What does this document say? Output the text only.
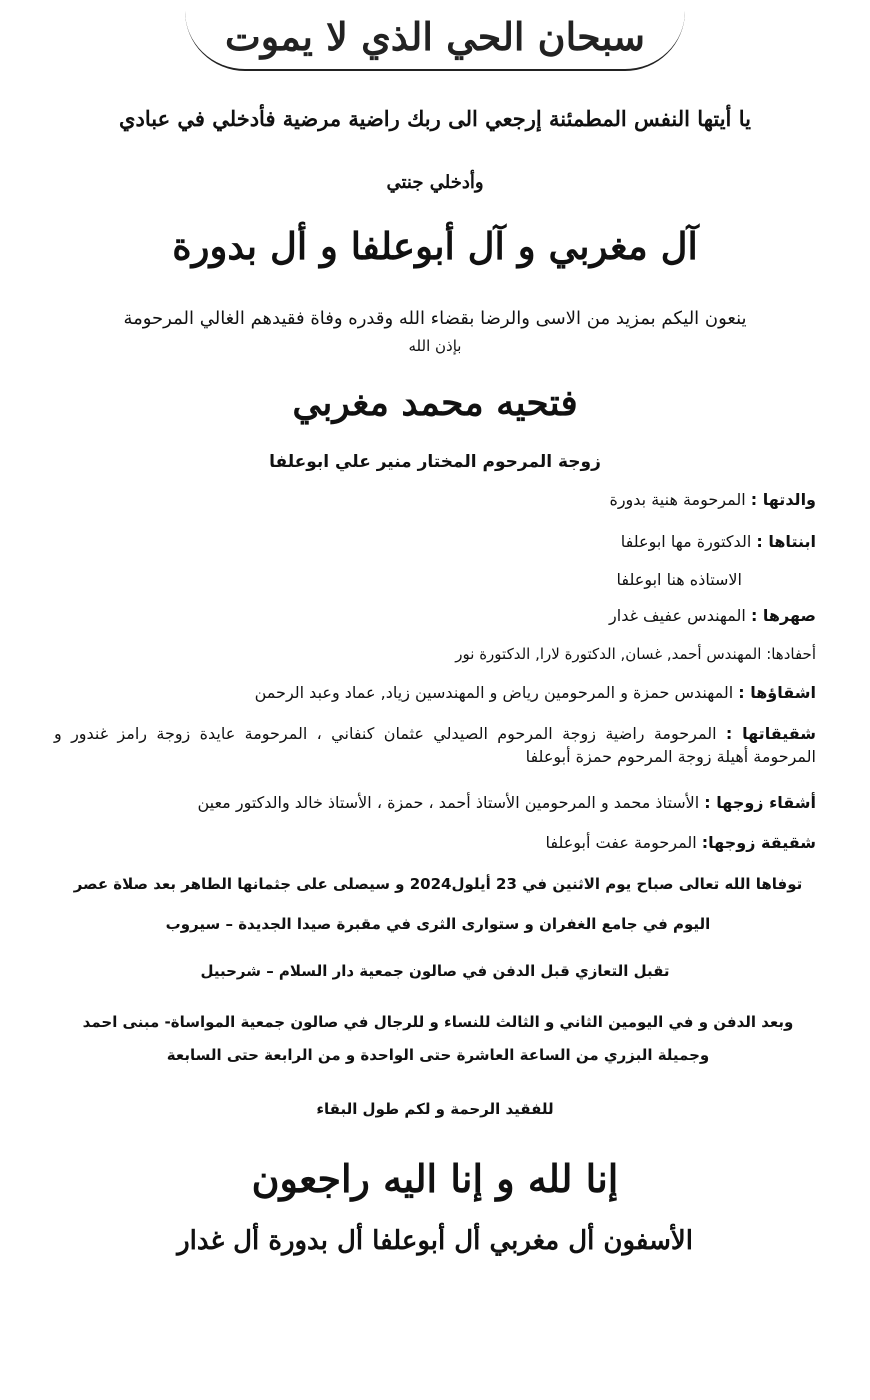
سبحان الحي الذي لا يموت
يا أيتها النفس المطمئنة إرجعي الى ربك راضية مرضية فأدخلي في عبادي
وأدخلي جنتي
آل مغربي و آل أبوعلفا و أل بدورة
ينعون اليكم بمزيد من الاسى والرضا بقضاء الله وقدره وفاة فقيدهم الغالي المرحومة
بإذن الله
فتحيه محمد مغربي
زوجة المرحوم المختار منير علي ابوعلفا
والدتها : المرحومة هنية بدورة
ابنتاها : الدكتورة مها ابوعلفا
الاستاذه هنا ابوعلفا
صهرها : المهندس عفيف غدار
أحفادها: المهندس أحمد, غسان, الدكتورة لارا, الدكتورة نور
اشقاؤها : المهندس حمزة و المرحومين رياض و المهندسين زياد, عماد وعبد الرحمن
شقيقاتها : المرحومة راضية زوجة المرحوم الصيدلي عثمان كنفاني ، المرحومة عايدة زوجة رامز غندور و المرحومة أهيلة زوجة المرحوم حمزة أبوعلفا
أشقاء زوجها : الأستاذ محمد و المرحومين الأستاذ أحمد ، حمزة ، الأستاذ خالد والدكتور معين
شقيقة زوجها: المرحومة عفت أبوعلفا
توفاها الله تعالى صباح يوم الاثنين في 23 أيلول2024 و سيصلى على جثمانها الطاهر بعد صلاة عصر اليوم في جامع الغفران و ستوارى الثرى في مقبرة صيدا الجديدة – سيروب
تقبل التعازي قبل الدفن في صالون جمعية دار السلام – شرحبيل
وبعد الدفن و في اليومين الثاني و الثالث للنساء و للرجال في صالون جمعية المواساة- مبنى احمد وجميلة البزري من الساعة العاشرة حتى الواحدة و من الرابعة حتى السابعة
للفقيد الرحمة و لكم طول البقاء
إنا لله و إنا اليه راجعون
الأسفون أل مغربي أل أبوعلفا أل بدورة أل غدار
